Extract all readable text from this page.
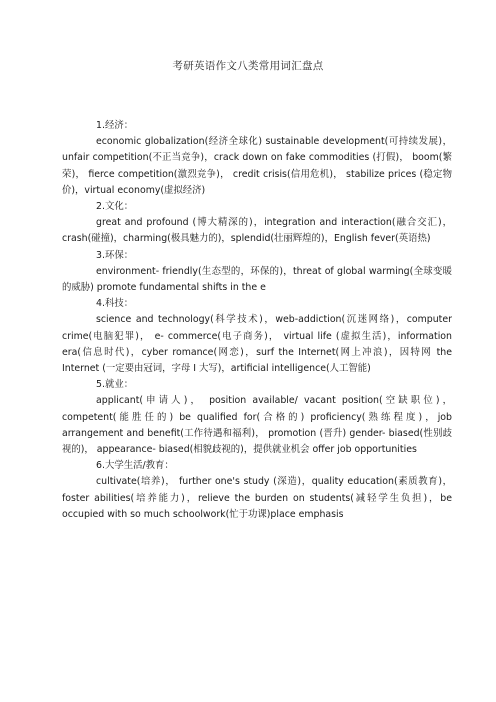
考研英语作文八类常用词汇盘点

1.经济：

economic globalization(经济全球化) sustainable development(可持续发展)，unfair competition(不正当竞争)，crack down on fake commodities (打假)， boom(繁荣)， fierce competition(激烈竞争)， credit crisis(信用危机)， stabilize prices (稳定物价)，virtual economy(虚拟经济)

2.文化：

great and profound (博大精深的)，integration and interaction(融合交汇)，crash(碰撞)，charming(极具魅力的)，splendid(壮丽辉煌的)，English fever(英语热)

3.环保：

environment- friendly(生态型的，环保的)，threat of global warming(全球变暖的威胁) promote fundamental shifts in the e

4.科技：

science and technology(科学技术)，web-addiction(沉迷网络)，computer crime(电脑犯罪)， e- commerce(电子商务)， virtual life (虚拟生活)，information era(信息时代)，cyber romance(网恋)，surf the Internet(网上冲浪)，因特网 the Internet (一定要由冠词，字母 I 大写)，artificial intelligence(人工智能)

5.就业：

applicant(申请人)， position available/ vacant position(空缺职位)，competent(能胜任的) be qualified for(合格的) proficiency(熟练程度)，job arrangement and benefit(工作待遇和福利)， promotion (晋升) gender- biased(性别歧视的)， appearance- biased(相貌歧视的)，提供就业机会 offer job opportunities

6.大学生活/教育：

cultivate(培养)， further one's study (深造)，quality education(素质教育)，foster abilities(培养能力)，relieve the burden on students(减轻学生负担)，be occupied with so much schoolwork(忙于功课)place emphasis
